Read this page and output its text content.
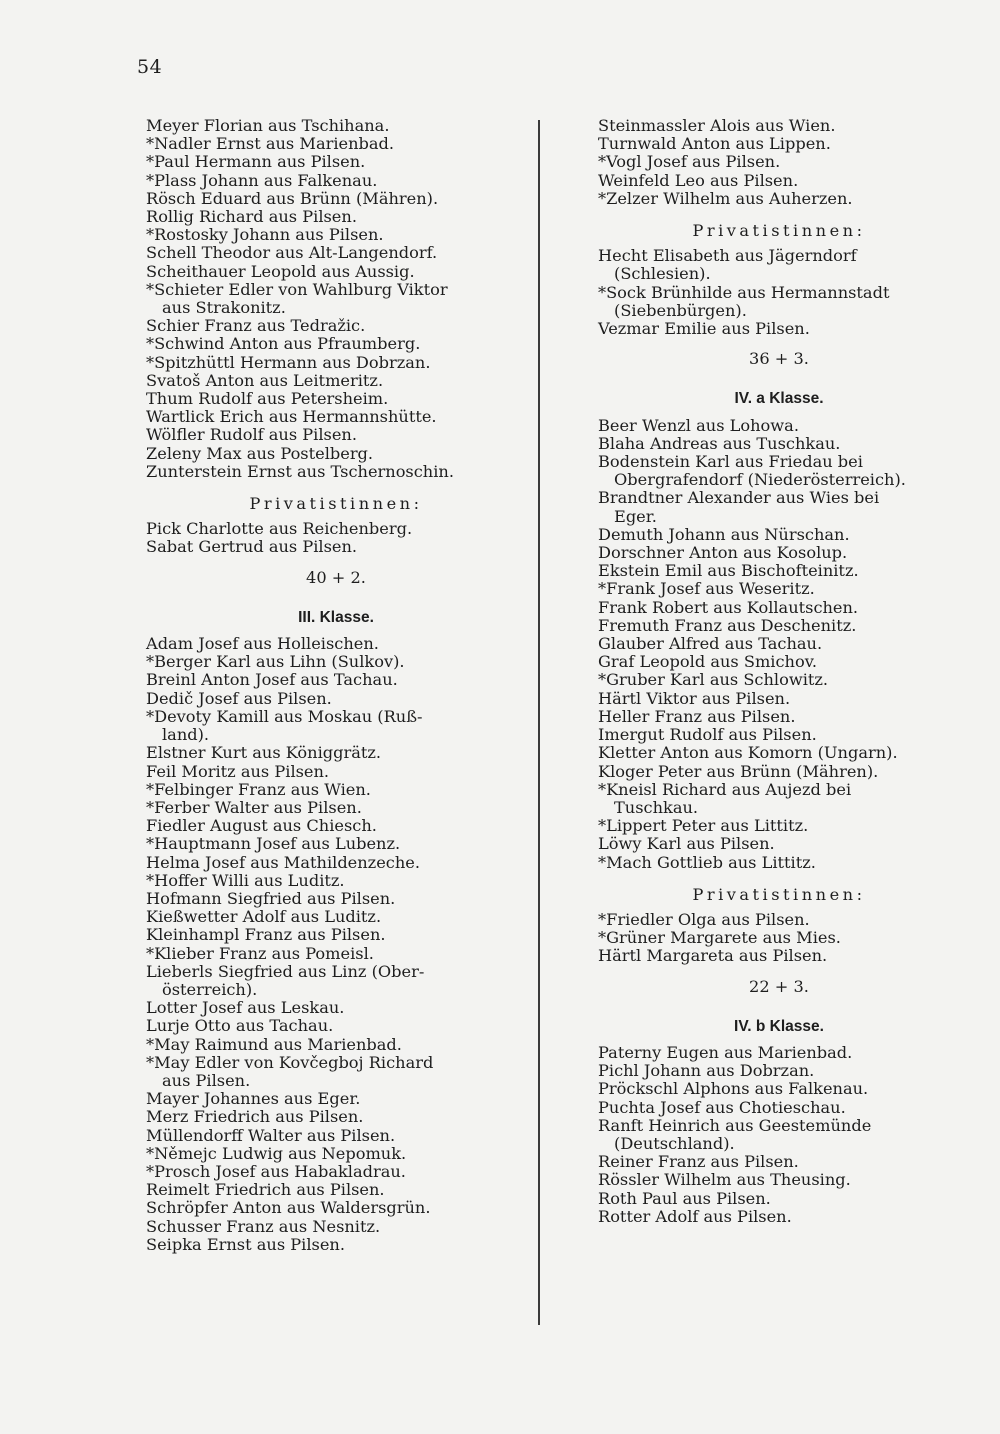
54
Meyer Florian aus Tschihana.
*Nadler Ernst aus Marienbad.
*Paul Hermann aus Pilsen.
*Plass Johann aus Falkenau.
Rösch Eduard aus Brünn (Mähren).
Rollig Richard aus Pilsen.
*Rostosky Johann aus Pilsen.
Schell Theodor aus Alt-Langendorf.
Scheithauer Leopold aus Aussig.
*Schieter Edler von Wahlburg Viktor
aus Strakonitz.
Schier Franz aus Tedražic.
*Schwind Anton aus Pfraumberg.
*Spitzhüttl Hermann aus Dobrzan.
Svatoš Anton aus Leitmeritz.
Thum Rudolf aus Petersheim.
Wartlick Erich aus Hermannshütte.
Wölfler Rudolf aus Pilsen.
Zeleny Max aus Postelberg.
Zunterstein Ernst aus Tschernoschin.
Privatistinnen:
Pick Charlotte aus Reichenberg.
Sabat Gertrud aus Pilsen.
40 + 2.
III. Klasse.
Adam Josef aus Holleischen.
*Berger Karl aus Lihn (Sulkov).
Breinl Anton Josef aus Tachau.
Dedič Josef aus Pilsen.
*Devoty Kamill aus Moskau (Ruß-
land).
Elstner Kurt aus Königgrätz.
Feil Moritz aus Pilsen.
*Felbinger Franz aus Wien.
*Ferber Walter aus Pilsen.
Fiedler August aus Chiesch.
*Hauptmann Josef aus Lubenz.
Helma Josef aus Mathildenzeche.
*Hoffer Willi aus Luditz.
Hofmann Siegfried aus Pilsen.
Kießwetter Adolf aus Luditz.
Kleinhampl Franz aus Pilsen.
*Klieber Franz aus Pomeisl.
Lieberls Siegfried aus Linz (Ober-
österreich).
Lotter Josef aus Leskau.
Lurje Otto aus Tachau.
*May Raimund aus Marienbad.
*May Edler von Kovčegboj Richard
aus Pilsen.
Mayer Johannes aus Eger.
Merz Friedrich aus Pilsen.
Müllendorff Walter aus Pilsen.
*Němejc Ludwig aus Nepomuk.
*Prosch Josef aus Habakladrau.
Reimelt Friedrich aus Pilsen.
Schröpfer Anton aus Waldersgrün.
Schusser Franz aus Nesnitz.
Seipka Ernst aus Pilsen.
Steinmassler Alois aus Wien.
Turnwald Anton aus Lippen.
*Vogl Josef aus Pilsen.
Weinfeld Leo aus Pilsen.
*Zelzer Wilhelm aus Auherzen.
Privatistinnen:
Hecht Elisabeth aus Jägerndorf
(Schlesien).
*Sock Brünhilde aus Hermannstadt
(Siebenbürgen).
Vezmar Emilie aus Pilsen.
36 + 3.
IV. a Klasse.
Beer Wenzl aus Lohowa.
Blaha Andreas aus Tuschkau.
Bodenstein Karl aus Friedau bei
Obergrafendorf (Niederösterreich).
Brandtner Alexander aus Wies bei
Eger.
Demuth Johann aus Nürschan.
Dorschner Anton aus Kosolup.
Ekstein Emil aus Bischofteinitz.
*Frank Josef aus Weseritz.
Frank Robert aus Kollautschen.
Fremuth Franz aus Deschenitz.
Glauber Alfred aus Tachau.
Graf Leopold aus Smichov.
*Gruber Karl aus Schlowitz.
Härtl Viktor aus Pilsen.
Heller Franz aus Pilsen.
Imergut Rudolf aus Pilsen.
Kletter Anton aus Komorn (Ungarn).
Kloger Peter aus Brünn (Mähren).
*Kneisl Richard aus Aujezd bei
Tuschkau.
*Lippert Peter aus Littitz.
Löwy Karl aus Pilsen.
*Mach Gottlieb aus Littitz.
Privatistinnen:
*Friedler Olga aus Pilsen.
*Grüner Margarete aus Mies.
Härtl Margareta aus Pilsen.
22 + 3.
IV. b Klasse.
Paterny Eugen aus Marienbad.
Pichl Johann aus Dobrzan.
Pröckschl Alphons aus Falkenau.
Puchta Josef aus Chotieschau.
Ranft Heinrich aus Geestemünde
(Deutschland).
Reiner Franz aus Pilsen.
Rössler Wilhelm aus Theusing.
Roth Paul aus Pilsen.
Rotter Adolf aus Pilsen.
